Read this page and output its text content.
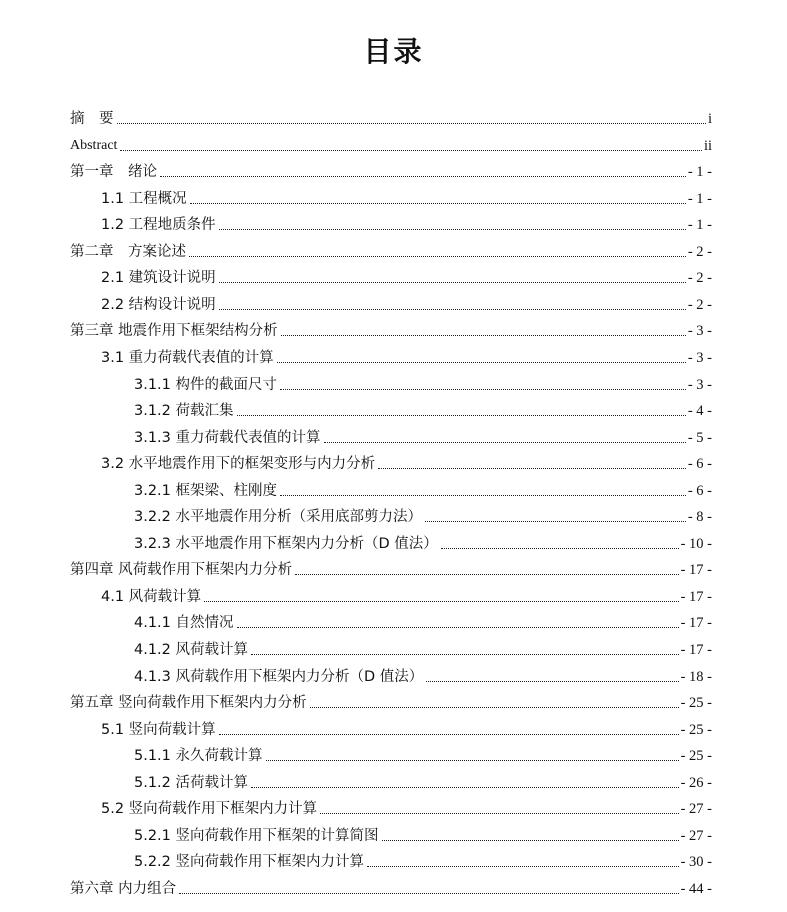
目录
摘　要	i
Abstract	ii
第一章　绪论	- 1 -
1.1 工程概况	- 1 -
1.2 工程地质条件	- 1 -
第二章　方案论述	- 2 -
2.1 建筑设计说明	- 2 -
2.2 结构设计说明	- 2 -
第三章 地震作用下框架结构分析	- 3 -
3.1 重力荷载代表值的计算	- 3 -
3.1.1 构件的截面尺寸	- 3 -
3.1.2 荷载汇集	- 4 -
3.1.3 重力荷载代表值的计算	- 5 -
3.2 水平地震作用下的框架变形与内力分析	- 6 -
3.2.1 框架梁、柱刚度	- 6 -
3.2.2 水平地震作用分析（采用底部剪力法）	- 8 -
3.2.3 水平地震作用下框架内力分析（D 值法）	- 10 -
第四章 风荷载作用下框架内力分析	- 17 -
4.1 风荷载计算	- 17 -
4.1.1 自然情况	- 17 -
4.1.2 风荷载计算	- 17 -
4.1.3 风荷载作用下框架内力分析（D 值法）	- 18 -
第五章 竖向荷载作用下框架内力分析	- 25 -
5.1 竖向荷载计算	- 25 -
5.1.1 永久荷载计算	- 25 -
5.1.2 活荷载计算	- 26 -
5.2 竖向荷载作用下框架内力计算	- 27 -
5.2.1 竖向荷载作用下框架的计算简图	- 27 -
5.2.2 竖向荷载作用下框架内力计算	- 30 -
第六章 内力组合	- 44 -
